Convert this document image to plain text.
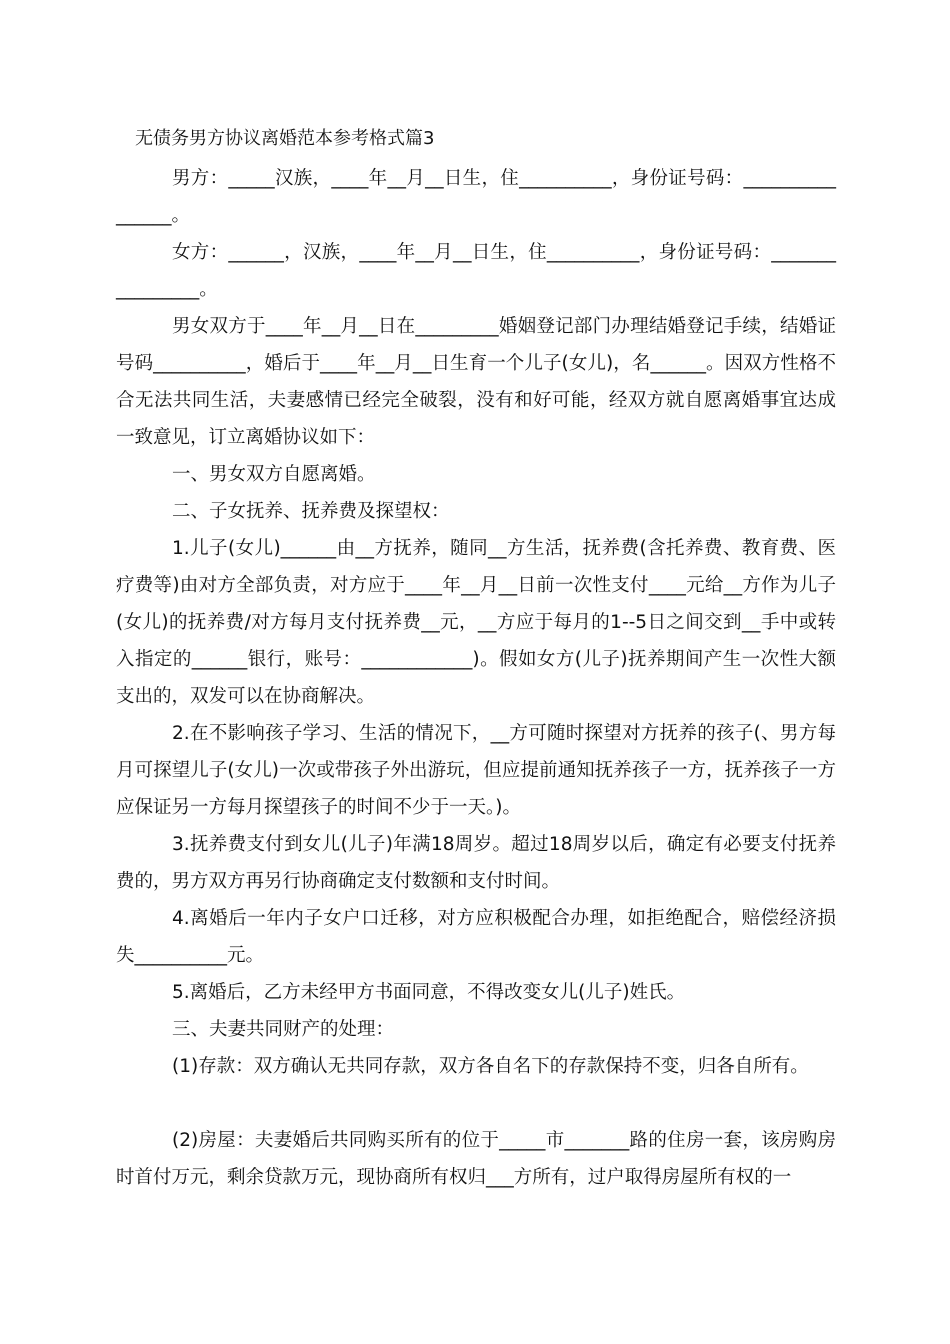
无债务男方协议离婚范本参考格式篇3

男方：_____汉族，____年__月__日生，住__________，身份证号码：________________。

女方：______，汉族，____年__月__日生，住__________，身份证号码：________________。

男女双方于____年__月__日在_________婚姻登记部门办理结婚登记手续，结婚证号码__________，婚后于____年__月__日生育一个儿子(女儿)，名______。因双方性格不合无法共同生活，夫妻感情已经完全破裂，没有和好可能，经双方就自愿离婚事宜达成一致意见，订立离婚协议如下：

一、男女双方自愿离婚。

二、子女抚养、抚养费及探望权：

1.儿子(女儿)______由__方抚养，随同__方生活，抚养费(含托养费、教育费、医疗费等)由对方全部负责，对方应于____年__月__日前一次性支付____元给__方作为儿子(女儿)的抚养费/对方每月支付抚养费__元，__方应于每月的1--5日之间交到__手中或转入指定的______银行，账号：____________)。假如女方(儿子)抚养期间产生一次性大额支出的，双发可以在协商解决。

2.在不影响孩子学习、生活的情况下，__方可随时探望对方抚养的孩子(、男方每月可探望儿子(女儿)一次或带孩子外出游玩，但应提前通知抚养孩子一方，抚养孩子一方应保证另一方每月探望孩子的时间不少于一天。)。

3.抚养费支付到女儿(儿子)年满18周岁。超过18周岁以后，确定有必要支付抚养费的，男方双方再另行协商确定支付数额和支付时间。

4.离婚后一年内子女户口迁移，对方应积极配合办理，如拒绝配合，赔偿经济损失__________元。

5.离婚后，乙方未经甲方书面同意，不得改变女儿(儿子)姓氏。

三、夫妻共同财产的处理：

(1)存款：双方确认无共同存款，双方各自名下的存款保持不变，归各自所有。

(2)房屋：夫妻婚后共同购买所有的位于_____市_______路的住房一套，该房购房时首付万元，剩余贷款万元，现协商所有权归___方所有，过户取得房屋所有权的一
